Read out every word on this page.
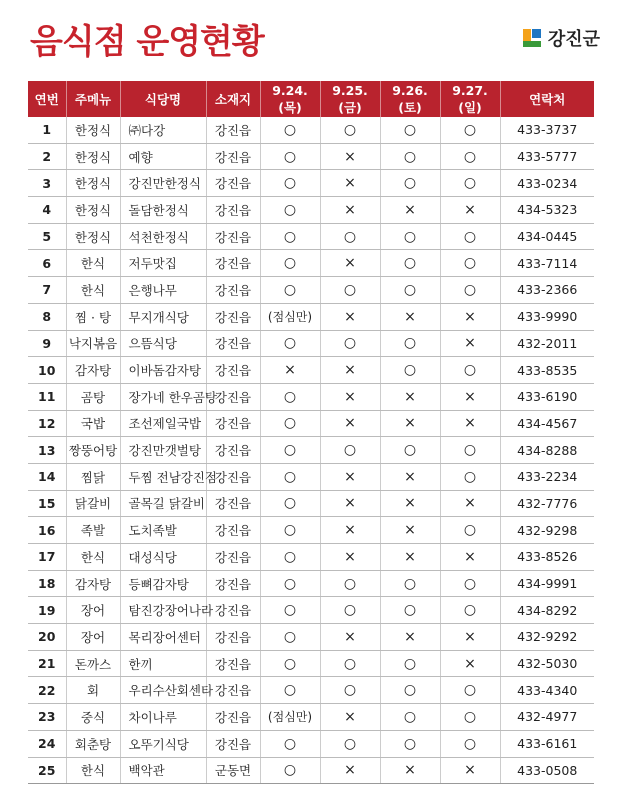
음식점 운영현황	강진군
연번	주메뉴	식당명	소재지	9.24.(목)	9.25.(금)	9.26.(토)	9.27.(일)	연락처
1	한정식	㈜다강	강진읍	○	○	○	○	433-3737
2	한정식	예향	강진읍	○	×	○	○	433-5777
3	한정식	강진만한정식	강진읍	○	×	○	○	433-0234
4	한정식	돌담한정식	강진읍	○	×	×	×	434-5323
5	한정식	석천한정식	강진읍	○	○	○	○	434-0445
6	한식	저두맛집	강진읍	○	×	○	○	433-7114
7	한식	은행나무	강진읍	○	○	○	○	433-2366
8	찜 · 탕	무지개식당	강진읍	(점심만)	×	×	×	433-9990
9	낙지볶음	으뜸식당	강진읍	○	○	○	×	432-2011
10	감자탕	이바돔감자탕	강진읍	×	×	○	○	433-8535
11	곰탕	장가네 한우곰탕	강진읍	○	×	×	×	433-6190
12	국밥	조선제일국밥	강진읍	○	×	×	×	434-4567
13	짱뚱어탕	강진만갯벌탕	강진읍	○	○	○	○	434-8288
14	찜닭	두찜 전남강진점	강진읍	○	×	×	○	433-2234
15	닭갈비	골목길 닭갈비	강진읍	○	×	×	×	432-7776
16	족발	도치족발	강진읍	○	×	×	○	432-9298
17	한식	대성식당	강진읍	○	×	×	×	433-8526
18	감자탕	등뼈감자탕	강진읍	○	○	○	○	434-9991
19	장어	탐진강장어나라	강진읍	○	○	○	○	434-8292
20	장어	목리장어센터	강진읍	○	×	×	×	432-9292
21	돈까스	한끼	강진읍	○	○	○	×	432-5030
22	회	우리수산회센타	강진읍	○	○	○	○	433-4340
23	중식	차이나루	강진읍	(점심만)	×	○	○	432-4977
24	회춘탕	오뚜기식당	강진읍	○	○	○	○	433-6161
25	한식	백악관	군동면	○	×	×	×	433-0508
